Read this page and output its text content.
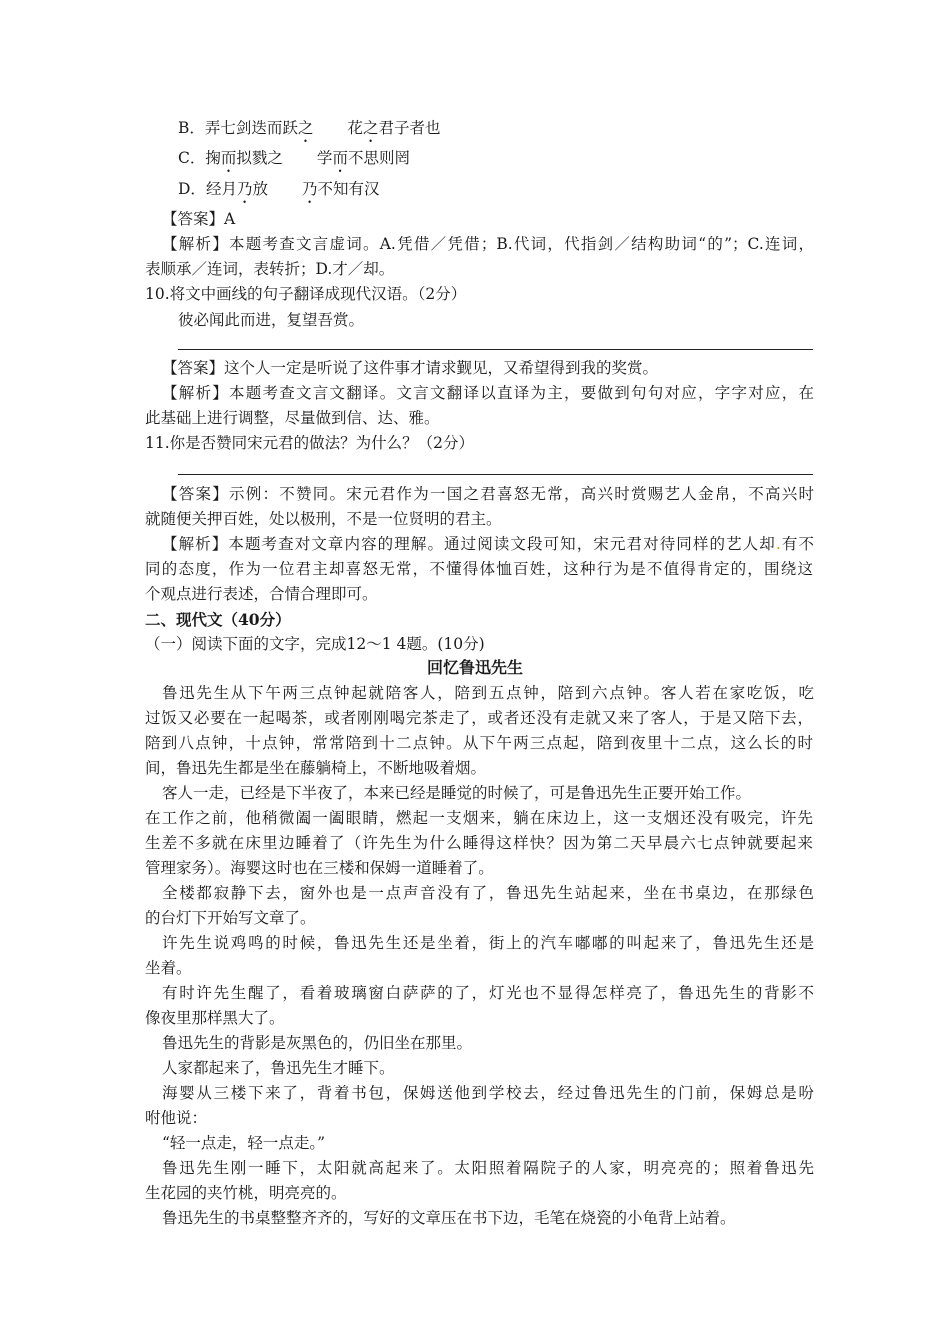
B．弄七剑迭而跃之 花之君子者也

C．掬而拟戮之 学而不思则罔

D．经月乃放 乃不知有汉

【答案】A

【解析】本题考查文言虚词。A.凭借／凭借；B.代词，代指剑／结构助词“的”；C.连词，

表顺承／连词，表转折；D.才／却。

10.将文中画线的句子翻译成现代汉语。（2分）

彼必闻此而进，复望吾赏。

【答案】这个人一定是听说了这件事才请求觐见，又希望得到我的奖赏。

【解析】本题考查文言文翻译。文言文翻译以直译为主，要做到句句对应，字字对应，在

此基础上进行调整，尽量做到信、达、雅。

11.你是否赞同宋元君的做法？为什么？（2分）

【答案】示例：不赞同。宋元君作为一国之君喜怒无常，高兴时赏赐艺人金帛，不高兴时

就随便关押百姓，处以极刑，不是一位贤明的君主。

【解析】本题考查对文章内容的理解。通过阅读文段可知，宋元君对待同样的艺人却.有不

同的态度，作为一位君主却喜怒无常，不懂得体恤百姓，这种行为是不值得肯定的，围绕这

个观点进行表述，合情合理即可。

二、现代文（40分）

（一）阅读下面的文字，完成12～1 4题。(10分)

回忆鲁迅先生

鲁迅先生从下午两三点钟起就陪客人，陪到五点钟，陪到六点钟。客人若在家吃饭，吃

过饭又必要在一起喝茶，或者刚刚喝完茶走了，或者还没有走就又来了客人，于是又陪下去，

陪到八点钟，十点钟，常常陪到十二点钟。从下午两三点起，陪到夜里十二点，这么长的时

间，鲁迅先生都是坐在藤躺椅上，不断地吸着烟。

客人一走，已经是下半夜了，本来已经是睡觉的时候了，可是鲁迅先生正要开始工作。

在工作之前，他稍微阖一阖眼睛，燃起一支烟来，躺在床边上，这一支烟还没有吸完，许先

生差不多就在床里边睡着了（许先生为什么睡得这样快？因为第二天早晨六七点钟就要起来

管理家务）。海婴这时也在三楼和保姆一道睡着了。

全楼都寂静下去，窗外也是一点声音没有了，鲁迅先生站起来，坐在书桌边，在那绿色

的台灯下开始写文章了。

许先生说鸡鸣的时候，鲁迅先生还是坐着，街上的汽车嘟嘟的叫起来了，鲁迅先生还是

坐着。

有时许先生醒了，看着玻璃窗白萨萨的了，灯光也不显得怎样亮了，鲁迅先生的背影不

像夜里那样黑大了。

鲁迅先生的背影是灰黑色的，仍旧坐在那里。

人家都起来了，鲁迅先生才睡下。

海婴从三楼下来了，背着书包，保姆送他到学校去，经过鲁迅先生的门前，保姆总是吩

咐他说：

“轻一点走，轻一点走。”

鲁迅先生刚一睡下，太阳就高起来了。太阳照着隔院子的人家，明亮亮的；照着鲁迅先

生花园的夹竹桃，明亮亮的。

鲁迅先生的书桌整整齐齐的，写好的文章压在书下边，毛笔在烧瓷的小龟背上站着。
